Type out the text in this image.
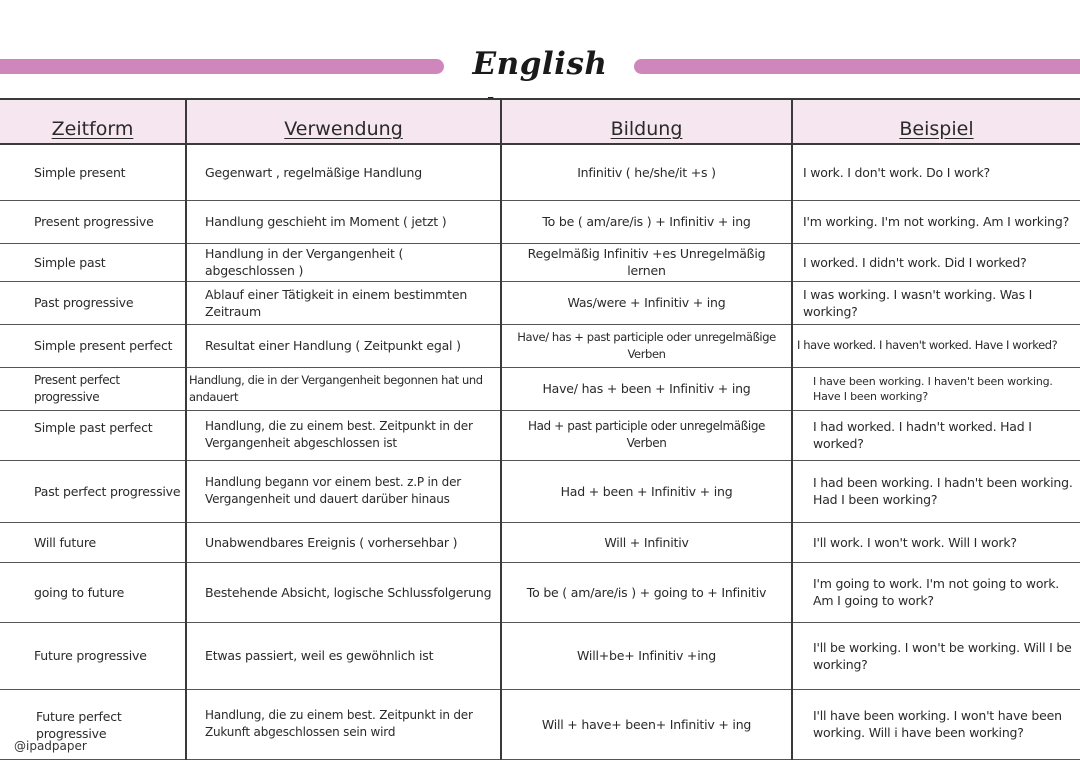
English
Zeitform	Verwendung	Bildung	Beispiel
Simple present	Gegenwart , regelmäßige Handlung	Infinitiv ( he/she/it +s )	I work. I don't work. Do I work?
Present progressive	Handlung geschieht im Moment ( jetzt )	To be ( am/are/is ) + Infinitiv + ing	I'm working. I'm not working. Am I working?
Simple past	Handlung in der Vergangenheit ( abgeschlossen )	Regelmäßig Infinitiv +es Unregelmäßig lernen	I worked. I didn't work. Did I worked?
Past progressive	Ablauf einer Tätigkeit in einem bestimmten Zeitraum	Was/were + Infinitiv + ing	I was working. I wasn't working. Was I working?
Simple present perfect	Resultat einer Handlung ( Zeitpunkt egal )	Have/ has + past participle oder unregelmäßige Verben	I have worked. I haven't worked. Have I worked?
Present perfect progressive	Handlung, die in der Vergangenheit begonnen hat und andauert	Have/ has + been + Infinitiv + ing	I have been working. I haven't been working. Have I been working?
Simple past perfect	Handlung, die zu einem best. Zeitpunkt in der Vergangenheit abgeschlossen ist	Had + past participle oder unregelmäßige Verben	I had worked. I hadn't worked. Had I worked?
Past perfect progressive	Handlung begann vor einem best. z.P in der Vergangenheit und dauert darüber hinaus	Had + been + Infinitiv + ing	I had been working. I hadn't been working. Had I been working?
Will future	Unabwendbares Ereignis ( vorhersehbar )	Will + Infinitiv	I'll work. I won't work. Will I work?
going to future	Bestehende Absicht, logische Schlussfolgerung	To be ( am/are/is ) + going to + Infinitiv	I'm going to work. I'm not going to work. Am I going to work?
Future progressive	Etwas passiert, weil es gewöhnlich ist	Will+be+ Infinitiv +ing	I'll be working. I won't be working. Will I be working?
Future perfect progressive	Handlung, die zu einem best. Zeitpunkt in der Zukunft abgeschlossen sein wird	Will + have+ been+ Infinitiv + ing	I'll have been working. I won't have been working. Will i have been working?
@ipadpaper
